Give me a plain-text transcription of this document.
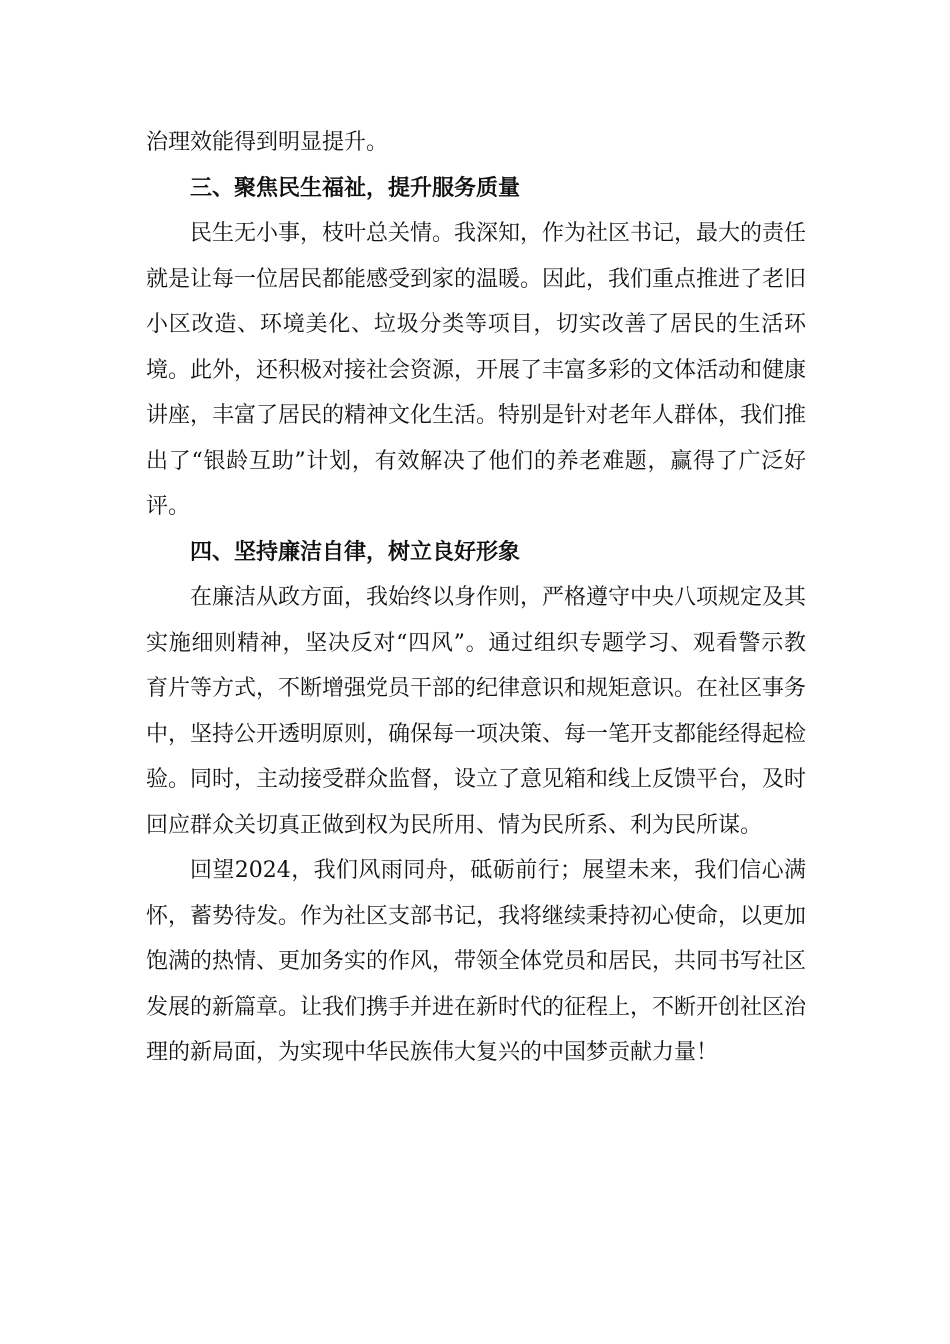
治理效能得到明显提升。

三、聚焦民生福祉，提升服务质量

民生无小事，枝叶总关情。我深知，作为社区书记，最大的责任就是让每一位居民都能感受到家的温暖。因此，我们重点推进了老旧小区改造、环境美化、垃圾分类等项目，切实改善了居民的生活环境。此外，还积极对接社会资源，开展了丰富多彩的文体活动和健康讲座，丰富了居民的精神文化生活。特别是针对老年人群体，我们推出了“银龄互助”计划，有效解决了他们的养老难题，赢得了广泛好评。

四、坚持廉洁自律，树立良好形象

在廉洁从政方面，我始终以身作则，严格遵守中央八项规定及其实施细则精神，坚决反对“四风”。通过组织专题学习、观看警示教育片等方式，不断增强党员干部的纪律意识和规矩意识。在社区事务中，坚持公开透明原则，确保每一项决策、每一笔开支都能经得起检验。同时，主动接受群众监督，设立了意见箱和线上反馈平台，及时回应群众关切真正做到权为民所用、情为民所系、利为民所谋。

回望2024，我们风雨同舟，砥砺前行；展望未来，我们信心满怀，蓄势待发。作为社区支部书记，我将继续秉持初心使命，以更加饱满的热情、更加务实的作风，带领全体党员和居民，共同书写社区发展的新篇章。让我们携手并进在新时代的征程上，不断开创社区治理的新局面，为实现中华民族伟大复兴的中国梦贡献力量！
